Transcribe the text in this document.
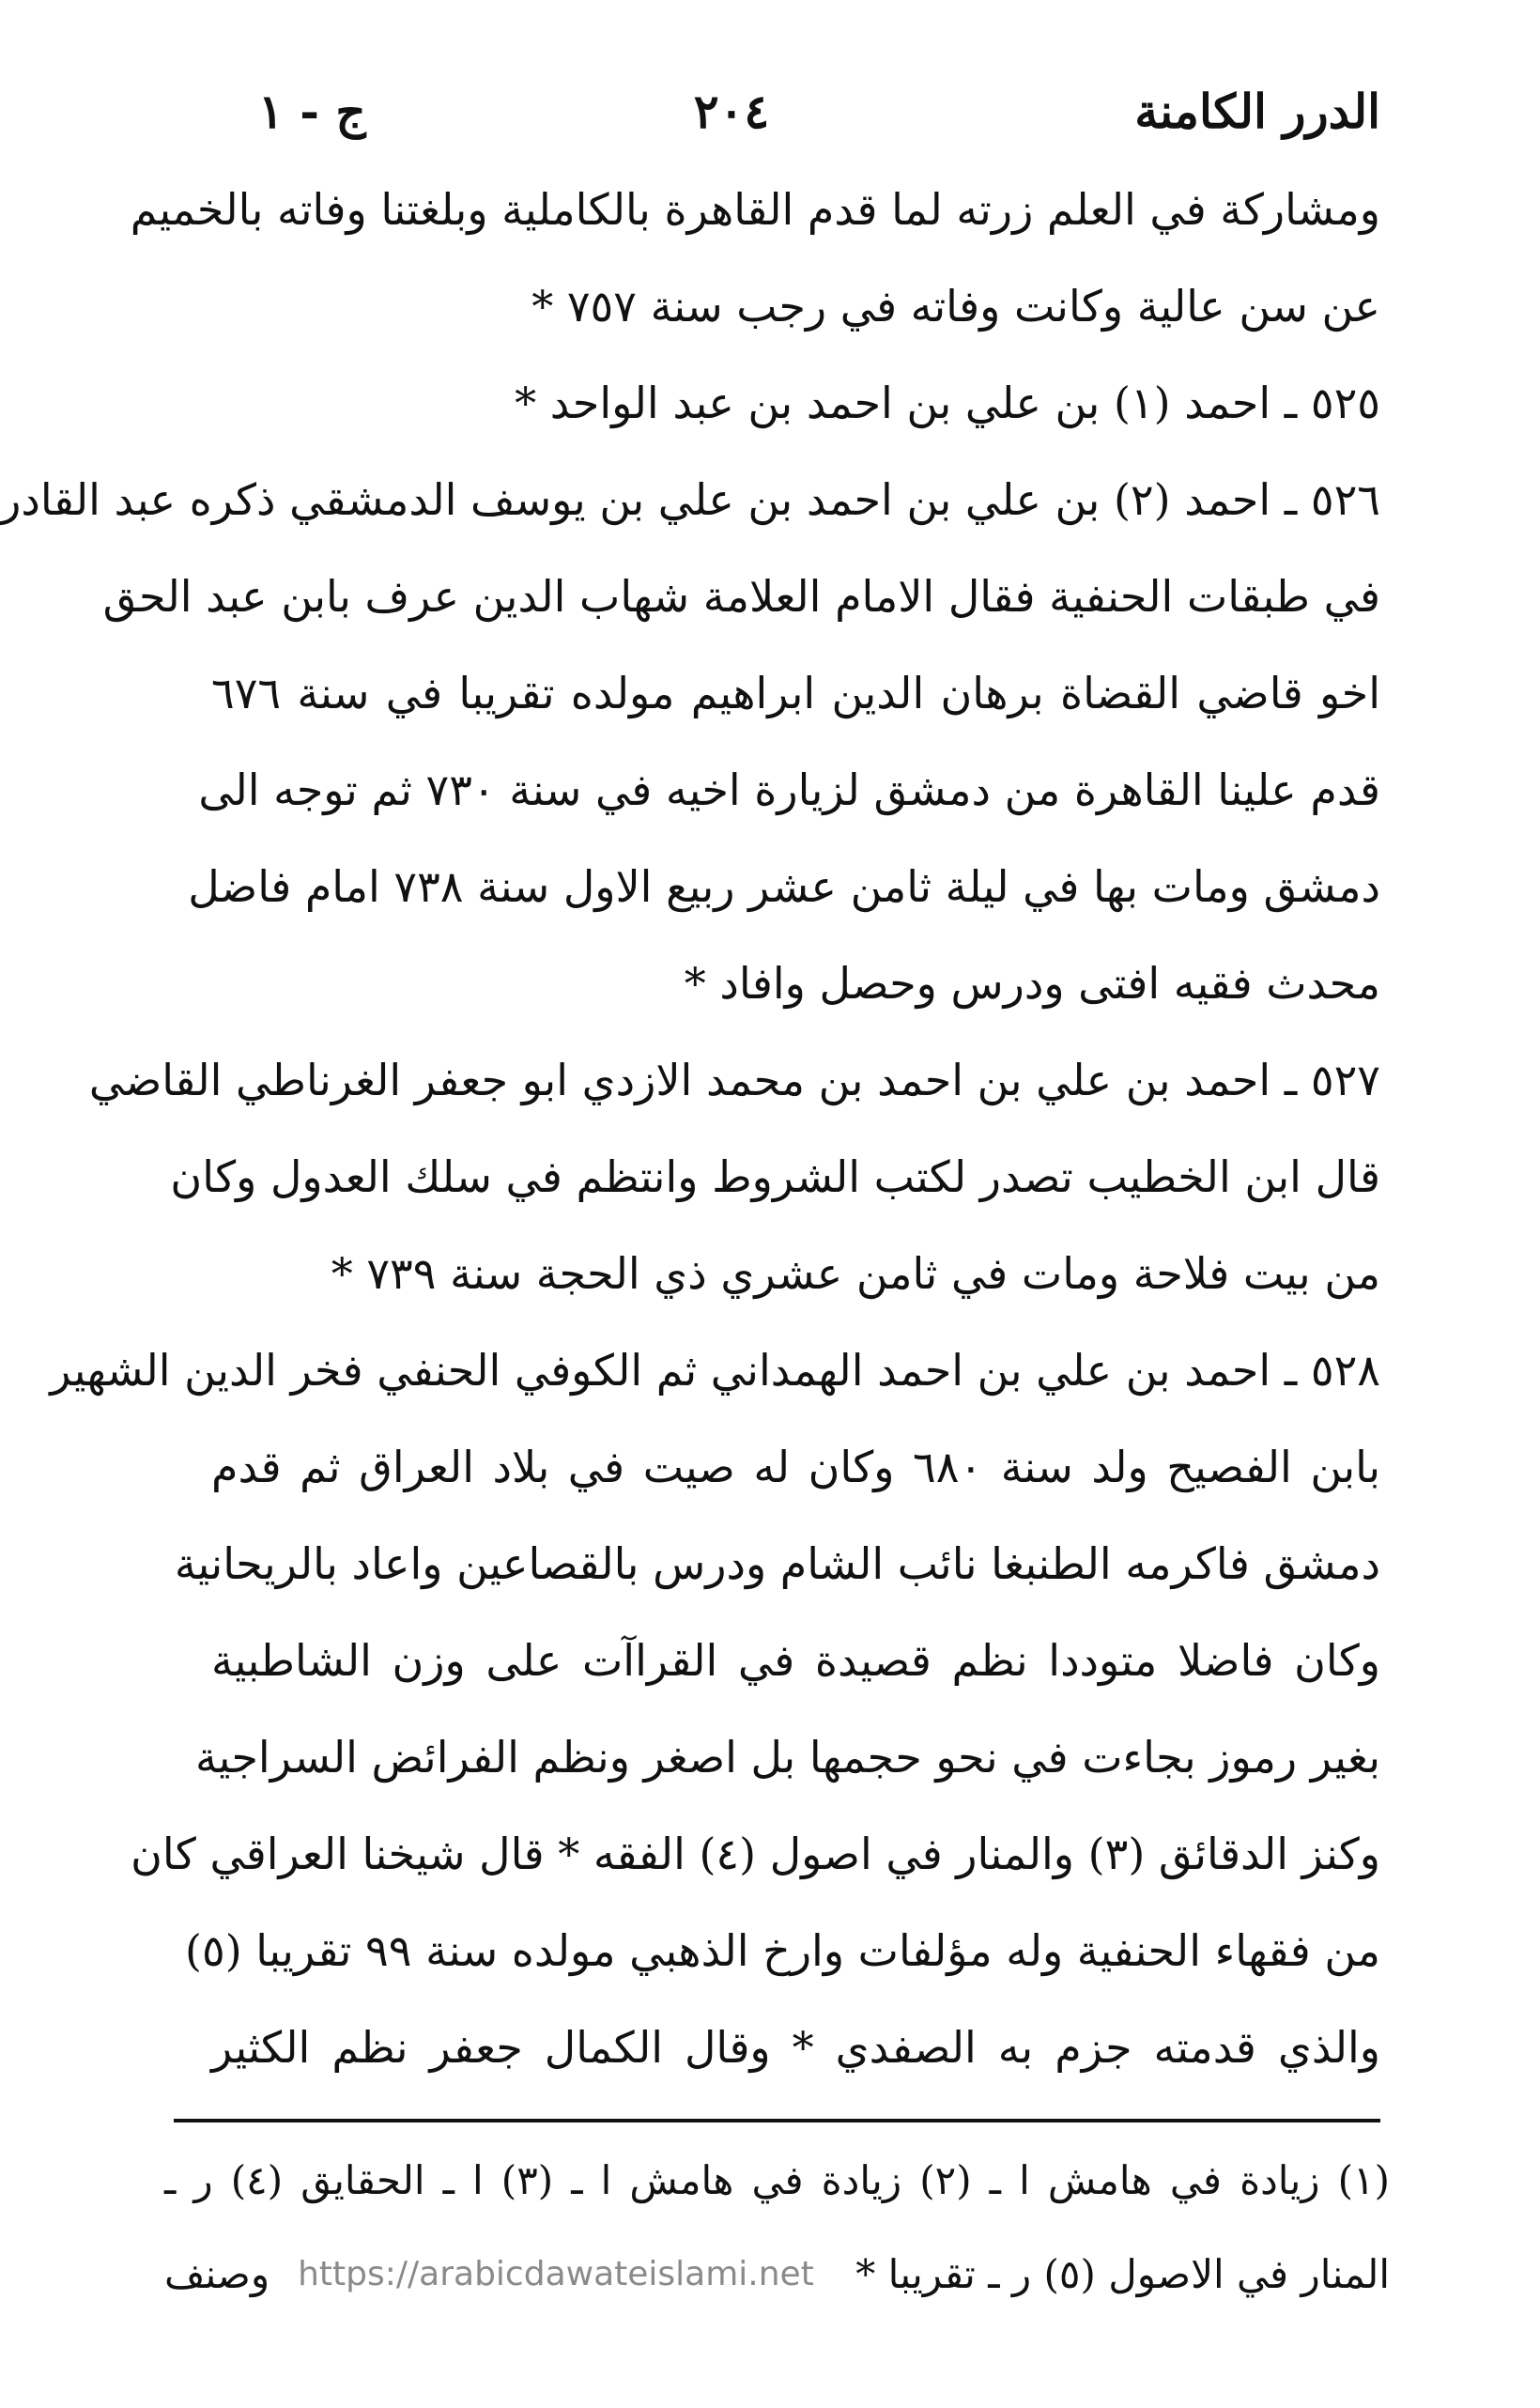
الدرر الكامنة
٢٠٤
ج - ١
ومشاركة في العلم زرته لما قدم القاهرة بالكاملية وبلغتنا وفاته بالخميم
عن سن عالية وكانت وفاته في رجب سنة ٧٥٧ *
٥٢٥ ـ احمد (١) بن علي بن احمد بن عبد الواحد *
٥٢٦ ـ احمد (٢) بن علي بن احمد بن علي بن يوسف الدمشقي ذكره عبد القادر
في طبقات الحنفية فقال الامام العلامة شهاب الدين عرف بابن عبد الحق
اخو قاضي القضاة برهان الدين ابراهيم مولده تقريبا في سنة ٦٧٦
قدم علينا القاهرة من دمشق لزيارة اخيه في سنة ٧٣٠ ثم توجه الى
دمشق ومات بها في ليلة ثامن عشر ربيع الاول سنة ٧٣٨ امام فاضل
محدث فقيه افتى ودرس وحصل وافاد *
٥٢٧ ـ احمد بن علي بن احمد بن محمد الازدي ابو جعفر الغرناطي القاضي
قال ابن الخطيب تصدر لكتب الشروط وانتظم في سلك العدول وكان
من بيت فلاحة ومات في ثامن عشري ذي الحجة سنة ٧٣٩ *
٥٢٨ ـ احمد بن علي بن احمد الهمداني ثم الكوفي الحنفي فخر الدين الشهير
بابن الفصيح ولد سنة ٦٨٠ وكان له صيت في بلاد العراق ثم قدم
دمشق فاكرمه الطنبغا نائب الشام ودرس بالقصاعين واعاد بالريحانية
وكان فاضلا متوددا نظم قصيدة في القراآت على وزن الشاطبية
بغير رموز بجاءت في نحو حجمها بل اصغر ونظم الفرائض السراجية
وكنز الدقائق (٣) والمنار في اصول (٤) الفقه * قال شيخنا العراقي كان
من فقهاء الحنفية وله مؤلفات وارخ الذهبي مولده سنة ٩٩ تقريبا (٥)
والذي قدمته جزم به الصفدي * وقال الكمال جعفر نظم الكثير
(١) زيادة في هامش ا ـ (٢) زيادة في هامش ا ـ (٣) ا ـ الحقايق (٤) ر ـ
المنار في الاصول (٥) ر ـ تقريبا *
https://arabicdawateislami.net
وصنف
